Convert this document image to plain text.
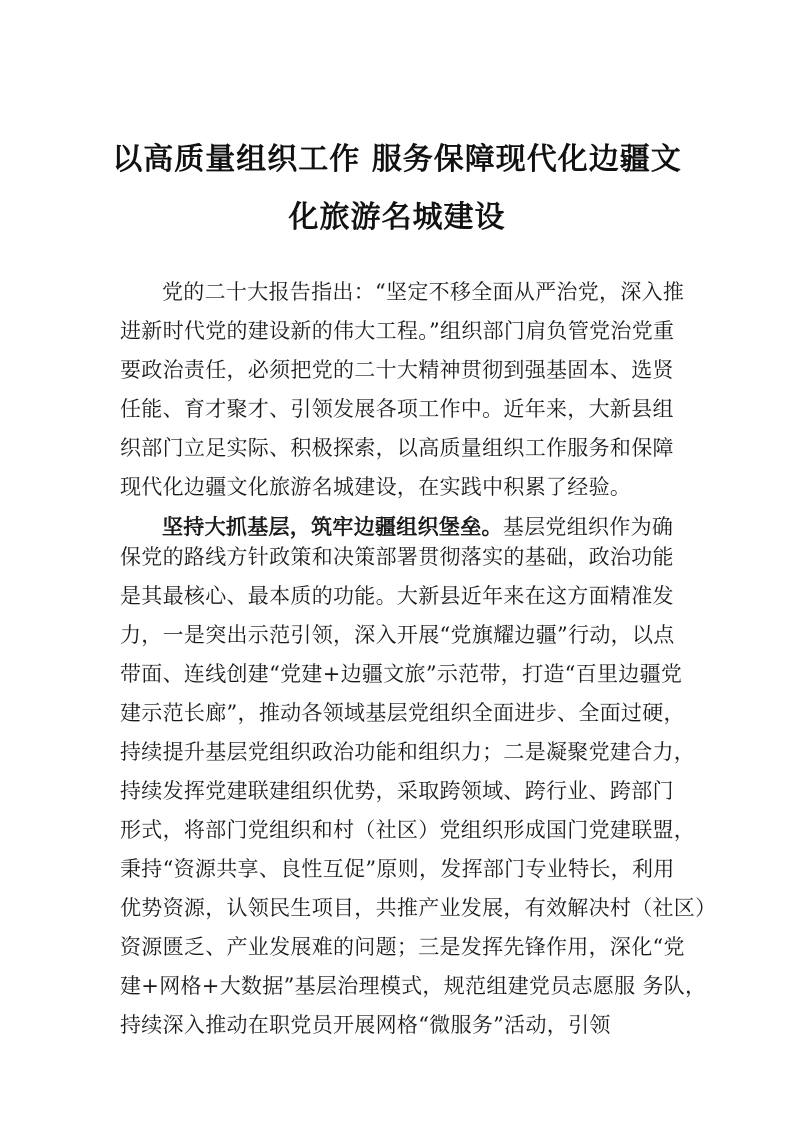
以高质量组织工作 服务保障现代化边疆文
化旅游名城建设
党的二十大报告指出：“坚定不移全面从严治党，深入推
进新时代党的建设新的伟大工程。”组织部门肩负管党治党重
要政治责任，必须把党的二十大精神贯彻到强基固本、选贤
任能、育才聚才、引领发展各项工作中。近年来，大新县组
织部门立足实际、积极探索，以高质量组织工作服务和保障
现代化边疆文化旅游名城建设，在实践中积累了经验。
坚持大抓基层，筑牢边疆组织堡垒。基层党组织作为确
保党的路线方针政策和决策部署贯彻落实的基础，政治功能
是其最核心、最本质的功能。大新县近年来在这方面精准发
力，一是突出示范引领，深入开展“党旗耀边疆”行动，以点
带面、连线创建“党建+边疆文旅”示范带，打造“百里边疆党
建示范长廊”，推动各领域基层党组织全面进步、全面过硬，
持续提升基层党组织政治功能和组织力；二是凝聚党建合力，
持续发挥党建联建组织优势，采取跨领域、跨行业、跨部门
形式，将部门党组织和村（社区）党组织形成国门党建联盟，
秉持“资源共享、良性互促”原则，发挥部门专业特长，利用
优势资源，认领民生项目，共推产业发展，有效解决村（社区）
资源匮乏、产业发展难的问题；三是发挥先锋作用，深化“党
建+网格+大数据”基层治理模式，规范组建党员志愿服 务队，
持续深入推动在职党员开展网格“微服务”活动，引领
